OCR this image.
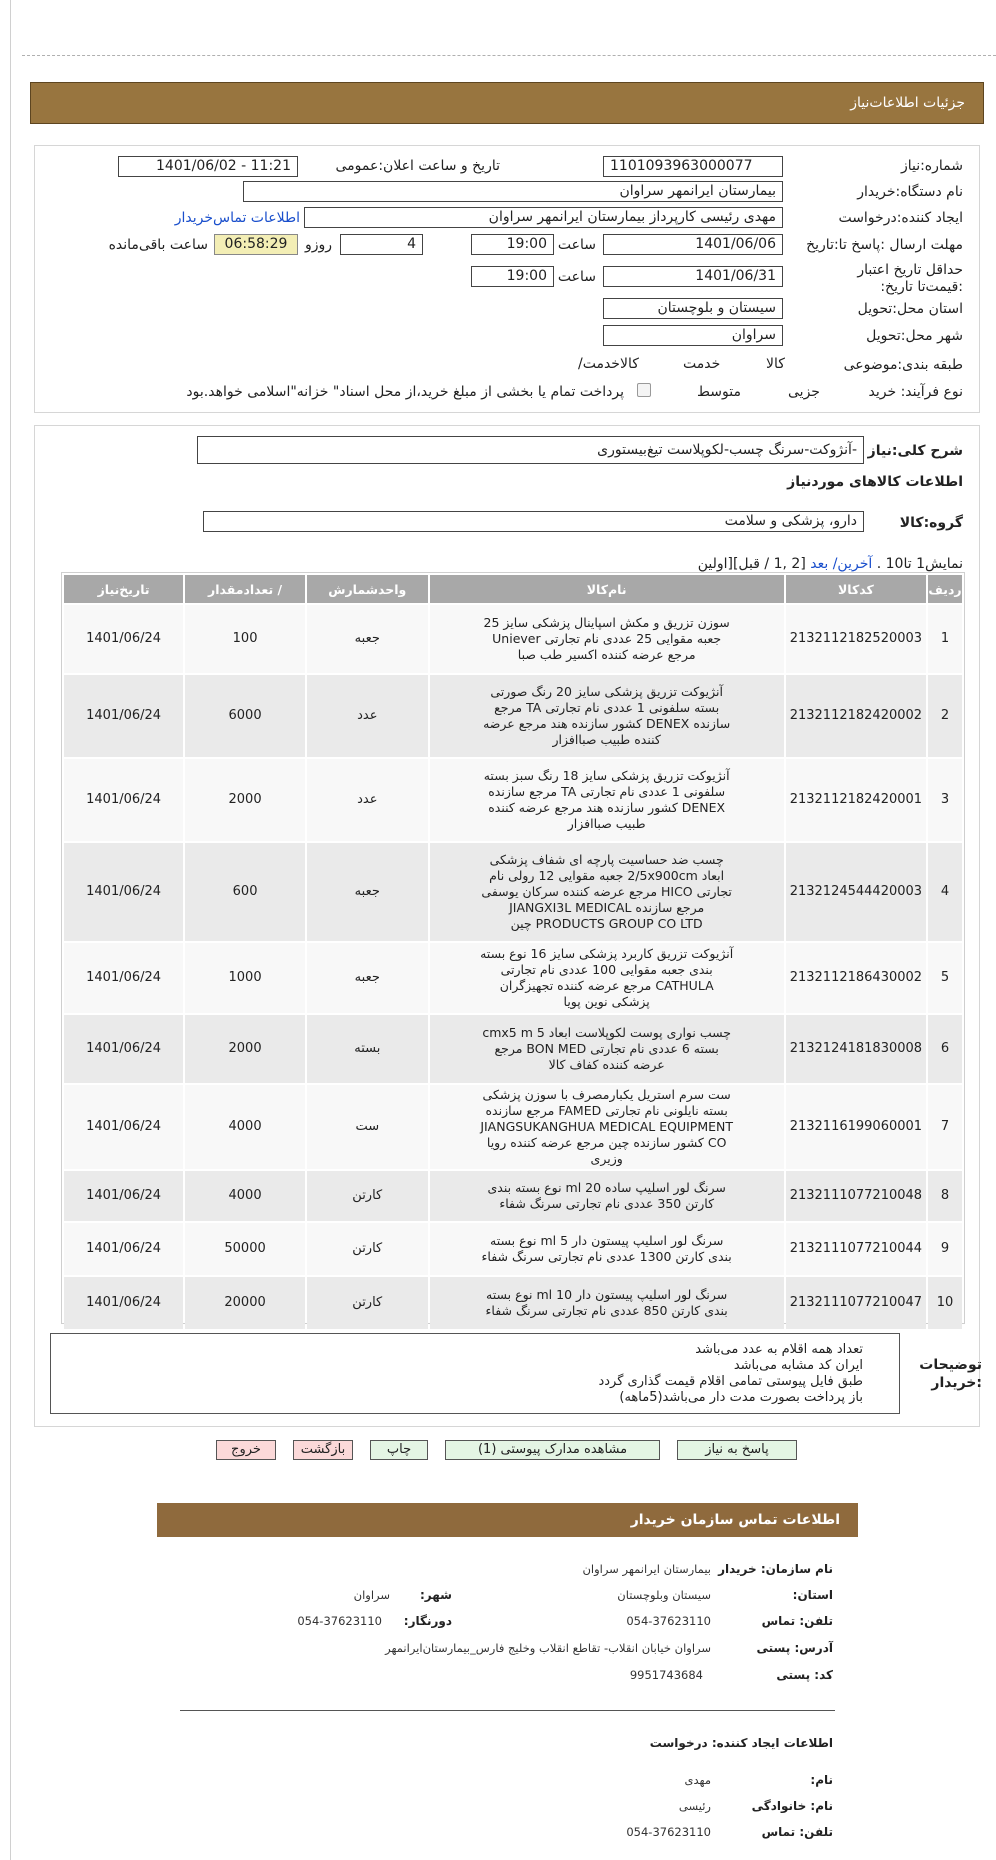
جزئیات اطلاعات‌نیاز
شماره:نیاز
1101093963000077
تاریخ و ساعت اعلان:عمومی
1401/06/02 - 11:21
نام دستگاه:خریدار
بیمارستان ایرانمهر سراوان
ایجاد کننده:درخواست
مهدی رئیسی کارپرداز بیمارستان ایرانمهر سراوان
اطلاعات تماس‌خریدار
مهلت ارسال :پاسخ تا:تاریخ
1401/06/06
ساعت
19:00
4
روزو
06:58:29
ساعت باقی‌مانده
حداقل تاریخ اعتبار :قیمت‌تا تاریخ:
1401/06/31
ساعت
19:00
استان محل:تحویل
سیستان و بلوچستان
شهر محل:تحویل
سراوان
طبقه بندی:موضوعی

کالا

خدمت

کالاخدمت/
نوع فرآیند: خرید

جزیی
متوسط
پرداخت تمام یا بخشی از مبلغ خرید،از محل اسناد" خزانه"اسلامی خواهد.بود
شرح کلی:نیاز
-آنژوکت-سرنگ چسب-لکوپلاست تیغ‌بیستوری
اطلاعات کالاهای موردنیاز
گروه:کالا
دارو، پزشکی و سلامت
نمایش1 تا10 . آخرین/ بعد [2 ,1 / قبل][اولین
ردیف	کدکالا	نام‌کالا	واحدشمارش	/ تعدادمقدار	تاریخ‌نیاز
1	2132112182520003	سوزن تزریق و مکش اسپاینال پزشکی سایز 25 جعبه مقوایی 25 عددی نام تجارتی Uniever مرجع عرضه کننده اکسیر طب صبا	جعبه	100	1401/06/24
2	2132112182420002	آنژیوکت تزریق پزشکی سایز 20 رنگ صورتی بسته سلفونی 1 عددی نام تجارتی TA مرجع سازنده DENEX کشور سازنده هند مرجع عرضه کننده طبیب صباافزار	عدد	6000	1401/06/24
3	2132112182420001	آنژیوکت تزریق پزشکی سایز 18 رنگ سبز بسته سلفونی 1 عددی نام تجارتی TA مرجع سازنده DENEX کشور سازنده هند مرجع عرضه کننده طبیب صباافزار	عدد	2000	1401/06/24
4	2132124544420003	چسب ضد حساسیت پارچه ای شفاف پزشکی ابعاد 2/5x900cm جعبه مقوایی 12 رولی نام تجارتی HICO مرجع عرضه کننده سرکان یوسفی مرجع سازنده JIANGXI3L MEDICAL PRODUCTS GROUP CO LTD چین	جعبه	600	1401/06/24
5	2132112186430002	آنژیوکت تزریق کاربرد پزشکی سایز 16 نوع بسته بندی جعبه مقوایی 100 عددی نام تجارتی CATHULA مرجع عرضه کننده تجهیزگران پزشکی نوین پویا	جعبه	1000	1401/06/24
6	2132124181830008	چسب نواری پوست لکوپلاست ابعاد 5 cmx5 m بسته 6 عددی نام تجارتی BON MED مرجع عرضه کننده کفاف کالا	بسته	2000	1401/06/24
7	2132116199060001	ست سرم استریل یکبارمصرف با سوزن پزشکی بسته نایلونی نام تجارتی FAMED مرجع سازنده JIANGSUKANGHUA MEDICAL EQUIPMENT CO کشور سازنده چین مرجع عرضه کننده رویا وزیری	ست	4000	1401/06/24
8	2132111077210048	سرنگ لور اسلیپ ساده 20 ml نوع بسته بندی کارتن 350 عددی نام تجارتی سرنگ شفاء	کارتن	4000	1401/06/24
9	2132111077210044	سرنگ لور اسلیپ پیستون دار 5 ml نوع بسته بندی کارتن 1300 عددی نام تجارتی سرنگ شفاء	کارتن	50000	1401/06/24
10	2132111077210047	سرنگ لور اسلیپ پیستون دار 10 ml نوع بسته بندی کارتن 850 عددی نام تجارتی سرنگ شفاء	کارتن	20000	1401/06/24
توضیحات :خریدار
تعداد همه اقلام به عدد می‌باشد
ایران کد مشابه می‌باشد
طبق فایل پیوستی تمامی اقلام قیمت گذاری گردد
باز پرداخت بصورت مدت دار می‌باشد(5ماهه)
پاسخ به نیاز
مشاهده مدارک پیوستی (1)
چاپ
بازگشت
خروج
اطلاعات تماس سازمان خریدار
نام سازمان: خریدار
بیمارستان ایرانمهر سراوان
استان:
سیستان وبلوچستان
شهر:
سراوان
تلفن: تماس
054-37623110
دورنگار:
054-37623110
آدرس: پستی
سراوان خیابان انقلاب- تقاطع انقلاب وخلیج فارس_بیمارستان‌ایرانمهر
کد: پستی
9951743684
اطلاعات ایجاد کننده: درخواست
نام:
مهدی
نام: خانوادگی
رئیسی
تلفن: تماس
054-37623110
